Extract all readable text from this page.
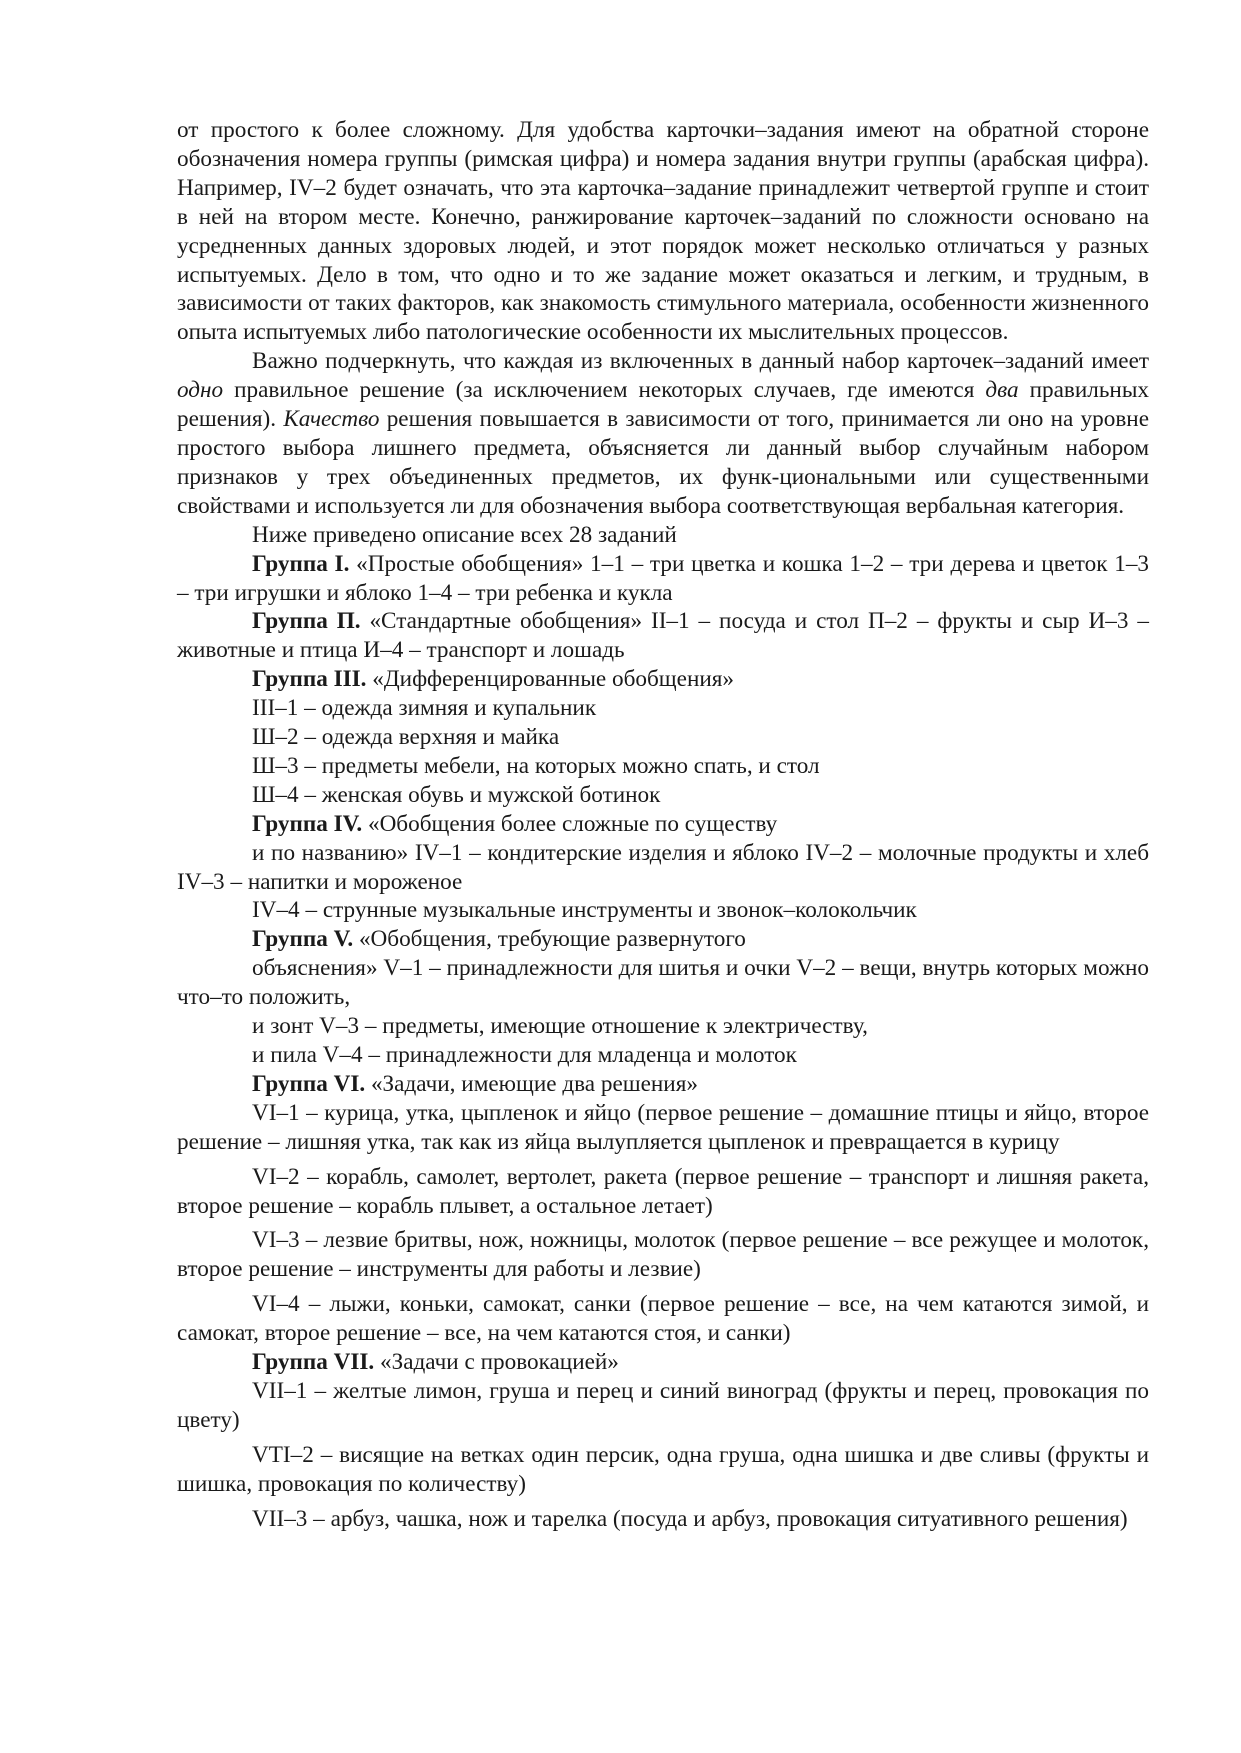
от простого к более сложному. Для удобства карточки–задания имеют на обратной стороне обозначения номера группы (римская цифра) и номера задания внутри группы (арабская цифра). Например, IV–2 будет означать, что эта карточка–задание принадлежит четвертой группе и стоит в ней на втором месте. Конечно, ранжирование карточек–заданий по сложности основано на усредненных данных здоровых людей, и этот порядок может несколько отличаться у разных испытуемых. Дело в том, что одно и то же задание может оказаться и легким, и трудным, в зависимости от таких факторов, как знакомость стимульного материала, особенности жизненного опыта испытуемых либо патологические особенности их мыслительных процессов.

Важно подчеркнуть, что каждая из включенных в данный набор карточек–заданий имеет одно правильное решение (за исключением некоторых случаев, где имеются два правильных решения). Качество решения повышается в зависимости от того, принимается ли оно на уровне простого выбора лишнего предмета, объясняется ли данный выбор случайным набором признаков у трех объединенных предметов, их функ-циональными или существенными свойствами и используется ли для обозначения выбора соответствующая вербальная категория.

Ниже приведено описание всех 28 заданий

Группа I. «Простые обобщения» 1–1 – три цветка и кошка 1–2 – три дерева и цветок 1–3 – три игрушки и яблоко 1–4 – три ребенка и кукла

Группа П. «Стандартные обобщения» II–1 – посуда и стол П–2 – фрукты и сыр И–3 – животные и птица И–4 – транспорт и лошадь

Группа III. «Дифференцированные обобщения»

III–1 – одежда зимняя и купальник

Ш–2 – одежда верхняя и майка

Ш–3 – предметы мебели, на которых можно спать, и стол

Ш–4 – женская обувь и мужской ботинок

Группа IV. «Обобщения более сложные по существу

и по названию» IV–1 – кондитерские изделия и яблоко IV–2 – молочные продукты и хлеб IV–3 – напитки и мороженое

IV–4 – струнные музыкальные инструменты и звонок–колокольчик

Группа V. «Обобщения, требующие развернутого

объяснения» V–1 – принадлежности для шитья и очки V–2 – вещи, внутрь которых можно что–то положить,

и зонт V–3 – предметы, имеющие отношение к электричеству,

и пила V–4 – принадлежности для младенца и молоток

Группа VI. «Задачи, имеющие два решения»

VI–1 – курица, утка, цыпленок и яйцо (первое решение – домашние птицы и яйцо, второе решение – лишняя утка, так как из яйца вылупляется цыпленок и превращается в курицу

VI–2 – корабль, самолет, вертолет, ракета (первое решение – транспорт и лишняя ракета, второе решение – корабль плывет, а остальное летает)

VI–3 – лезвие бритвы, нож, ножницы, молоток (первое решение – все режущее и молоток, второе решение – инструменты для работы и лезвие)

VI–4 – лыжи, коньки, самокат, санки (первое решение – все, на чем катаются зимой, и самокат, второе решение – все, на чем катаются стоя, и санки)

Группа VII. «Задачи с провокацией»

VII–1 – желтые лимон, груша и перец и синий виноград (фрукты и перец, провокация по цвету)

VTI–2 – висящие на ветках один персик, одна груша, одна шишка и две сливы (фрукты и шишка, провокация по количеству)

VII–3 – арбуз, чашка, нож и тарелка (посуда и арбуз, провокация ситуативного решения)
